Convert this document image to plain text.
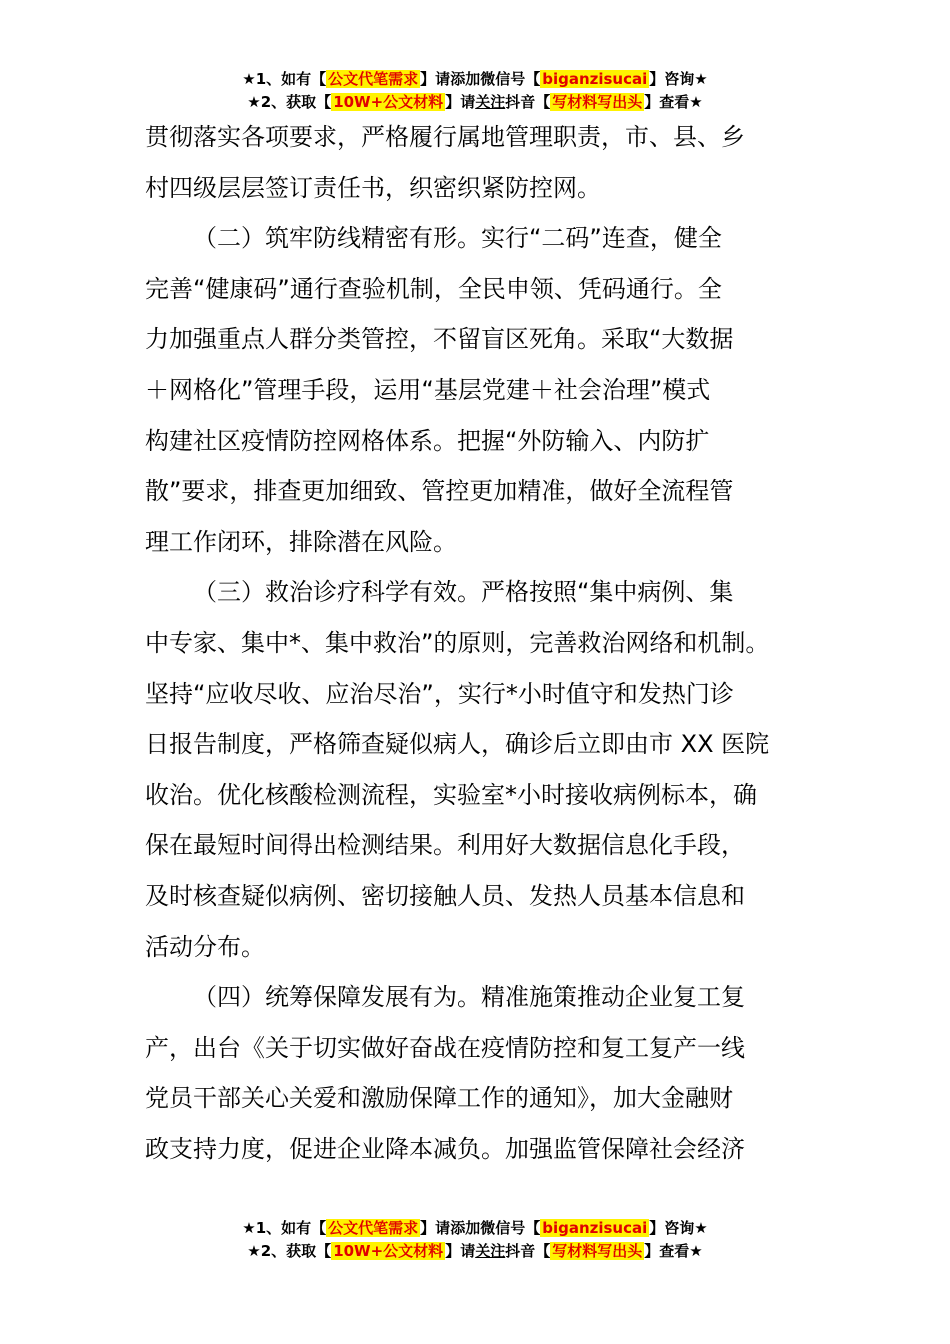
★1、如有【 公文代笔需求 】请添加微信号【 biganzisucai 】咨询★
★2、获取【 10W+公文材料 】请关注抖音【 写材料写出头 】查看★

贯彻落实各项要求，严格履行属地管理职责，市、县、乡
村四级层层签订责任书，织密织紧防控网。

（二）筑牢防线精密有形。实行“二码”连查，健全
完善“健康码”通行查验机制，全民申领、凭码通行。全
力加强重点人群分类管控，不留盲区死角。采取“大数据
＋网格化”管理手段，运用“基层党建＋社会治理”模式
构建社区疫情防控网格体系。把握“外防输入、内防扩
散”要求，排查更加细致、管控更加精准，做好全流程管
理工作闭环，排除潜在风险。

（三）救治诊疗科学有效。严格按照“集中病例、集
中专家、集中*、集中救治”的原则，完善救治网络和机制。
坚持“应收尽收、应治尽治”，实行*小时值守和发热门诊
日报告制度，严格筛查疑似病人，确诊后立即由市 XX 医院
收治。优化核酸检测流程，实验室*小时接收病例标本，确
保在最短时间得出检测结果。利用好大数据信息化手段，
及时核查疑似病例、密切接触人员、发热人员基本信息和
活动分布。

（四）统筹保障发展有为。精准施策推动企业复工复
产，出台《关于切实做好奋战在疫情防控和复工复产一线
党员干部关心关爱和激励保障工作的通知》，加大金融财
政支持力度，促进企业降本减负。加强监管保障社会经济

★1、如有【 公文代笔需求 】请添加微信号【 biganzisucai 】咨询★
★2、获取【 10W+公文材料 】请关注抖音【 写材料写出头 】查看★
